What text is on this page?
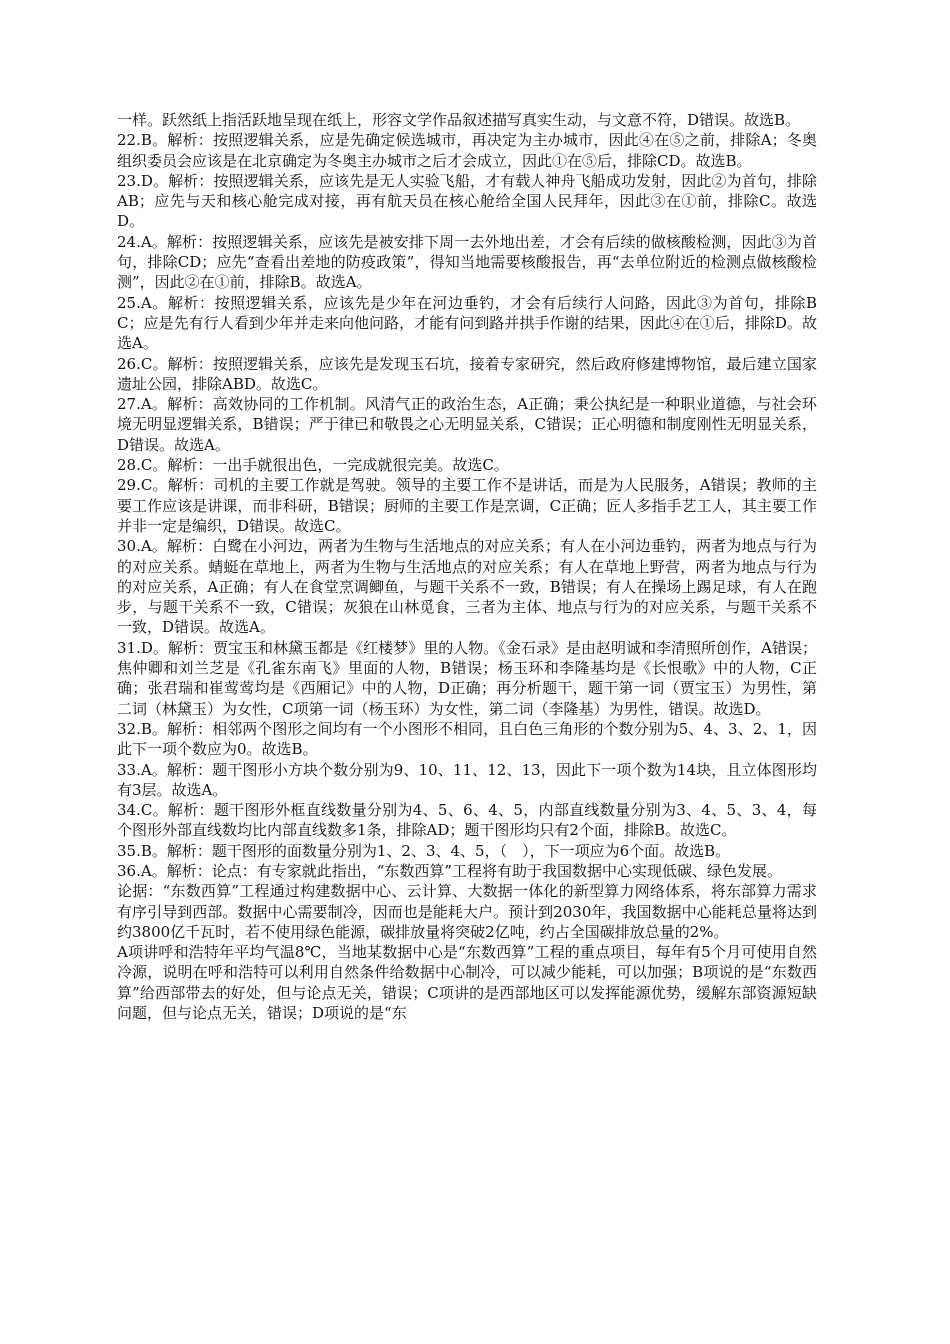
一样。跃然纸上指活跃地呈现在纸上，形容文学作品叙述描写真实生动，与文意不符，D错误。故选B。

22.B。解析：按照逻辑关系，应是先确定候选城市，再决定为主办城市，因此④在⑤之前，排除A；冬奥组织委员会应该是在北京确定为冬奥主办城市之后才会成立，因此①在⑤后，排除CD。故选B。

23.D。解析：按照逻辑关系，应该先是无人实验飞船，才有载人神舟飞船成功发射，因此②为首句，排除AB；应先与天和核心舱完成对接，再有航天员在核心舱给全国人民拜年，因此③在①前，排除C。故选D。

24.A。解析：按照逻辑关系，应该先是被安排下周一去外地出差，才会有后续的做核酸检测，因此③为首句，排除CD；应先“查看出差地的防疫政策”，得知当地需要核酸报告，再“去单位附近的检测点做核酸检测”，因此②在①前，排除B。故选A。

25.A。解析：按照逻辑关系，应该先是少年在河边垂钓，才会有后续行人问路，因此③为首句，排除BC；应是先有行人看到少年并走来向他问路，才能有问到路并拱手作谢的结果，因此④在①后，排除D。故选A。

26.C。解析：按照逻辑关系，应该先是发现玉石坑，接着专家研究，然后政府修建博物馆，最后建立国家遗址公园，排除ABD。故选C。

27.A。解析：高效协同的工作机制。风清气正的政治生态，A正确；秉公执纪是一种职业道德，与社会环境无明显逻辑关系，B错误；严于律已和敬畏之心无明显关系，C错误；正心明德和制度刚性无明显关系，D错误。故选A。

28.C。解析：一出手就很出色，一完成就很完美。故选C。

29.C。解析：司机的主要工作就是驾驶。领导的主要工作不是讲话，而是为人民服务，A错误；教师的主要工作应该是讲课，而非科研，B错误；厨师的主要工作是烹调，C正确；匠人多指手艺工人，其主要工作并非一定是编织，D错误。故选C。

30.A。解析：白鹭在小河边，两者为生物与生活地点的对应关系；有人在小河边垂钓，两者为地点与行为的对应关系。蜻蜓在草地上，两者为生物与生活地点的对应关系；有人在草地上野营，两者为地点与行为的对应关系，A正确；有人在食堂烹调鲫鱼，与题干关系不一致，B错误；有人在操场上踢足球，有人在跑步，与题干关系不一致，C错误；灰狼在山林觅食，三者为主体、地点与行为的对应关系，与题干关系不一致，D错误。故选A。

31.D。解析：贾宝玉和林黛玉都是《红楼梦》里的人物。《金石录》是由赵明诚和李清照所创作，A错误；焦仲卿和刘兰芝是《孔雀东南飞》里面的人物，B错误；杨玉环和李隆基均是《长恨歌》中的人物，C正确；张君瑞和崔莺莺均是《西厢记》中的人物，D正确；再分析题干，题干第一词（贾宝玉）为男性，第二词（林黛玉）为女性，C项第一词（杨玉环）为女性，第二词（李隆基）为男性，错误。故选D。

32.B。解析：相邻两个图形之间均有一个小图形不相同，且白色三角形的个数分别为5、4、3、2、1，因此下一项个数应为0。故选B。

33.A。解析：题干图形小方块个数分别为9、10、11、12、13，因此下一项个数为14块，且立体图形均有3层。故选A。

34.C。解析：题干图形外框直线数量分别为4、5、6、4、5，内部直线数量分别为3、4、5、3、4，每个图形外部直线数均比内部直线数多1条，排除AD；题干图形均只有2个面，排除B。故选C。

35.B。解析：题干图形的面数量分别为1、2、3、4、5，（　），下一项应为6个面。故选B。

36.A。解析：论点：有专家就此指出，“东数西算”工程将有助于我国数据中心实现低碳、绿色发展。

论据：“东数西算”工程通过构建数据中心、云计算、大数据一体化的新型算力网络体系，将东部算力需求有序引导到西部。数据中心需要制冷，因而也是能耗大户。预计到2030年，我国数据中心能耗总量将达到约3800亿千瓦时，若不使用绿色能源，碳排放量将突破2亿吨，约占全国碳排放总量的2%。

A项讲呼和浩特年平均气温8℃，当地某数据中心是“东数西算”工程的重点项目，每年有5个月可使用自然冷源，说明在呼和浩特可以利用自然条件给数据中心制冷，可以减少能耗，可以加强；B项说的是“东数西算”给西部带去的好处，但与论点无关，错误；C项讲的是西部地区可以发挥能源优势，缓解东部资源短缺问题，但与论点无关，错误；D项说的是“东
